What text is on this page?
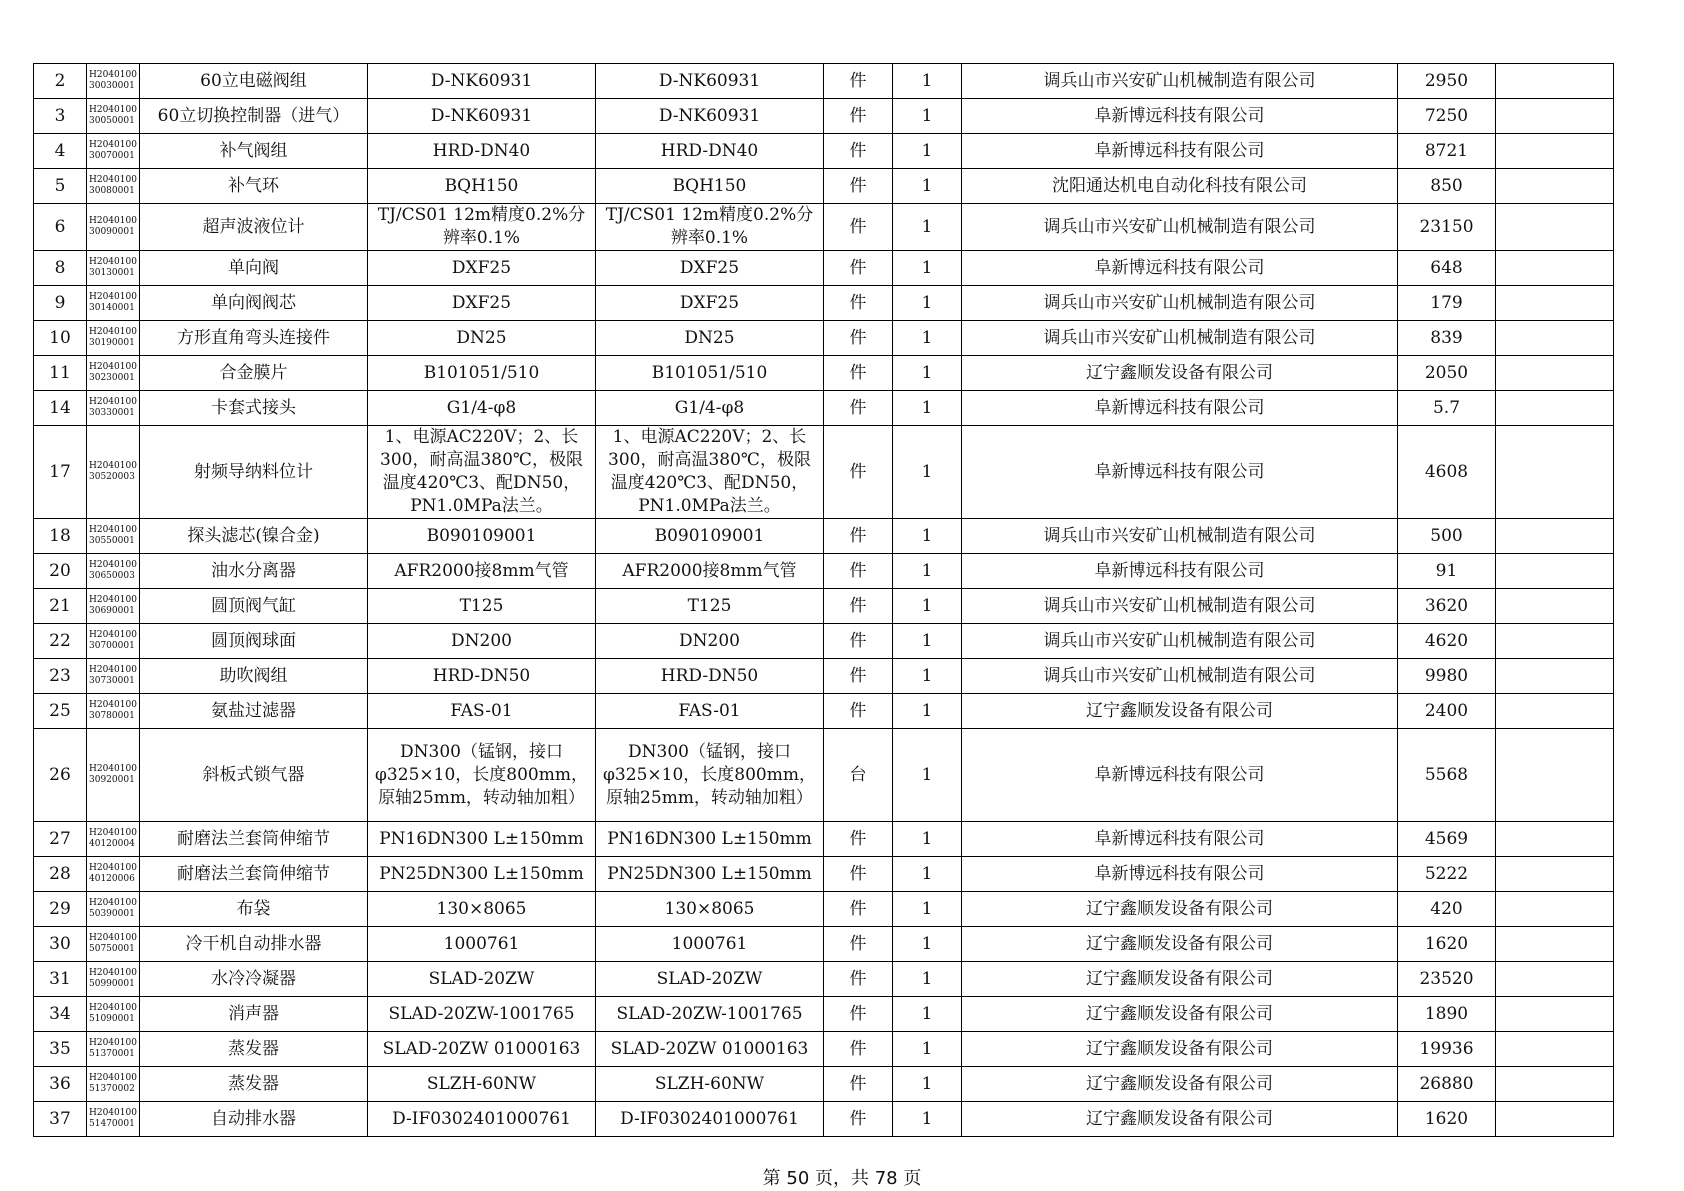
2	H204010030030001	60立电磁阀组	D-NK60931	D-NK60931	件	1	调兵山市兴安矿山机械制造有限公司	2950	
3	H204010030050001	60立切换控制器（进气）	D-NK60931	D-NK60931	件	1	阜新博远科技有限公司	7250	
4	H204010030070001	补气阀组	HRD-DN40	HRD-DN40	件	1	阜新博远科技有限公司	8721	
5	H204010030080001	补气环	BQH150	BQH150	件	1	沈阳通达机电自动化科技有限公司	850	
6	H204010030090001	超声波液位计	TJ/CS01 12m精度0.2%分辨率0.1%	TJ/CS01 12m精度0.2%分辨率0.1%	件	1	调兵山市兴安矿山机械制造有限公司	23150	
8	H204010030130001	单向阀	DXF25	DXF25	件	1	阜新博远科技有限公司	648	
9	H204010030140001	单向阀阀芯	DXF25	DXF25	件	1	调兵山市兴安矿山机械制造有限公司	179	
10	H204010030190001	方形直角弯头连接件	DN25	DN25	件	1	调兵山市兴安矿山机械制造有限公司	839	
11	H204010030230001	合金膜片	B101051/510	B101051/510	件	1	辽宁鑫顺发设备有限公司	2050	
14	H204010030330001	卡套式接头	G1/4-φ8	G1/4-φ8	件	1	阜新博远科技有限公司	5.7	
17	H204010030520003	射频导纳料位计	1、电源AC220V；2、长300，耐高温380℃，极限温度420℃3、配DN50，PN1.0MPa法兰。	1、电源AC220V；2、长300，耐高温380℃，极限温度420℃3、配DN50，PN1.0MPa法兰。	件	1	阜新博远科技有限公司	4608	
18	H204010030550001	探头滤芯(镍合金)	B090109001	B090109001	件	1	调兵山市兴安矿山机械制造有限公司	500	
20	H204010030650003	油水分离器	AFR2000接8mm气管	AFR2000接8mm气管	件	1	阜新博远科技有限公司	91	
21	H204010030690001	圆顶阀气缸	T125	T125	件	1	调兵山市兴安矿山机械制造有限公司	3620	
22	H204010030700001	圆顶阀球面	DN200	DN200	件	1	调兵山市兴安矿山机械制造有限公司	4620	
23	H204010030730001	助吹阀组	HRD-DN50	HRD-DN50	件	1	调兵山市兴安矿山机械制造有限公司	9980	
25	H204010030780001	氨盐过滤器	FAS-01	FAS-01	件	1	辽宁鑫顺发设备有限公司	2400	
26	H204010030920001	斜板式锁气器	DN300（锰钢，接口φ325×10，长度800mm，原轴25mm，转动轴加粗）	DN300（锰钢，接口φ325×10，长度800mm，原轴25mm，转动轴加粗）	台	1	阜新博远科技有限公司	5568	
27	H204010040120004	耐磨法兰套筒伸缩节	PN16DN300 L±150mm	PN16DN300 L±150mm	件	1	阜新博远科技有限公司	4569	
28	H204010040120006	耐磨法兰套筒伸缩节	PN25DN300 L±150mm	PN25DN300 L±150mm	件	1	阜新博远科技有限公司	5222	
29	H204010050390001	布袋	130×8065	130×8065	件	1	辽宁鑫顺发设备有限公司	420	
30	H204010050750001	冷干机自动排水器	1000761	1000761	件	1	辽宁鑫顺发设备有限公司	1620	
31	H204010050990001	水冷冷凝器	SLAD-20ZW	SLAD-20ZW	件	1	辽宁鑫顺发设备有限公司	23520	
34	H204010051090001	消声器	SLAD-20ZW-1001765	SLAD-20ZW-1001765	件	1	辽宁鑫顺发设备有限公司	1890	
35	H204010051370001	蒸发器	SLAD-20ZW 01000163	SLAD-20ZW 01000163	件	1	辽宁鑫顺发设备有限公司	19936	
36	H204010051370002	蒸发器	SLZH-60NW	SLZH-60NW	件	1	辽宁鑫顺发设备有限公司	26880	
37	H204010051470001	自动排水器	D-IF0302401000761	D-IF0302401000761	件	1	辽宁鑫顺发设备有限公司	1620	
第 50 页，共 78 页
